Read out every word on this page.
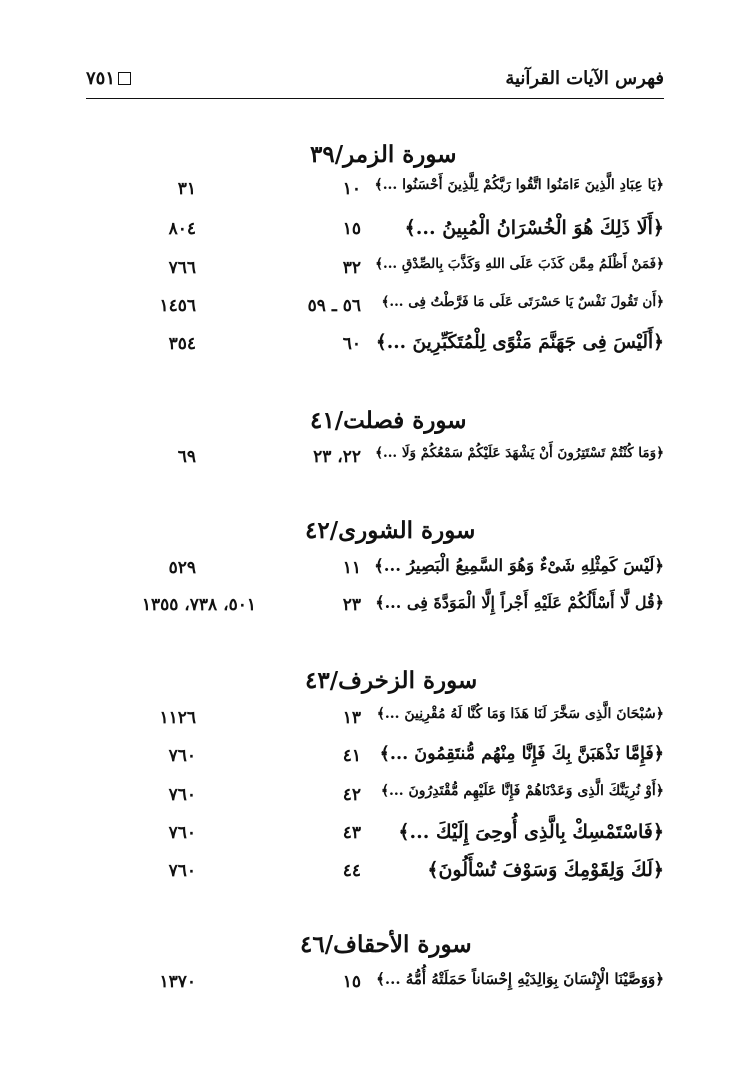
فهرس الآيات القرآنية
٧٥١
سورة الزمر/٣٩
﴿يَا عِبَادِ الَّذِينَ ءَامَنُوا اتَّقُوا رَبَّكُمْ لِلَّذِينَ أَحْسَنُوا ...﴾
١٠
٣١
﴿أَلَا ذَلِكَ هُوَ الْخُسْرَانُ الْمُبِينُ ...﴾
١٥
٨٠٤
﴿فَمَنْ أَظْلَمُ مِمَّن كَذَبَ عَلَى اللهِ وَكَذَّبَ بِالصِّدْقِ ...﴾
٣٢
٧٦٦
﴿أَن تَقُولَ نَفْسٌ يَا حَسْرَتَى عَلَى مَا فَرَّطْتُ فِى ...﴾
٥٦ ـ ٥٩
١٤٥٦
﴿أَلَيْسَ فِى جَهَنَّمَ مَثْوًى لِلْمُتَكَبِّرِينَ ...﴾
٦٠
٣٥٤
سورة فصلت/٤١
﴿وَمَا كُنْتُمْ تَسْتَتِرُونَ أَنْ يَشْهَدَ عَلَيْكُمْ سَمْعُكُمْ وَلَا ...﴾
٢٢، ٢٣
٦٩
سورة الشورى/٤٢
﴿لَيْسَ كَمِثْلِهِ شَىْءٌ وَهُوَ السَّمِيعُ الْبَصِيرُ ...﴾
١١
٥٢٩
﴿قُل لَّا أَسْأَلُكُمْ عَلَيْهِ أَجْراً إِلَّا الْمَوَدَّةَ فِى ...﴾
٢٣
٥٠١، ٧٣٨، ١٣٥٥
سورة الزخرف/٤٣
﴿سُبْحَانَ الَّذِى سَخَّرَ لَنَا هَذَا وَمَا كُنَّا لَهُ مُقْرِنِينَ ...﴾
١٣
١١٢٦
﴿فَإِمَّا نَذْهَبَنَّ بِكَ فَإِنَّا مِنْهُم مُّنتَقِمُونَ ...﴾
٤١
٧٦٠
﴿أَوْ نُرِيَنَّكَ الَّذِى وَعَدْنَاهُمْ فَإِنَّا عَلَيْهِم مُّقْتَدِرُونَ ...﴾
٤٢
٧٦٠
﴿فَاسْتَمْسِكْ بِالَّذِى أُوحِىَ إِلَيْكَ ...﴾
٤٣
٧٦٠
﴿لَكَ وَلِقَوْمِكَ وَسَوْفَ تُسْأَلُونَ﴾
٤٤
٧٦٠
سورة الأحقاف/٤٦
﴿وَوَصَّيْنَا الْإِنْسَانَ بِوَالِدَيْهِ إِحْسَاناً حَمَلَتْهُ أُمُّهُ ...﴾
١٥
١٣٧٠
